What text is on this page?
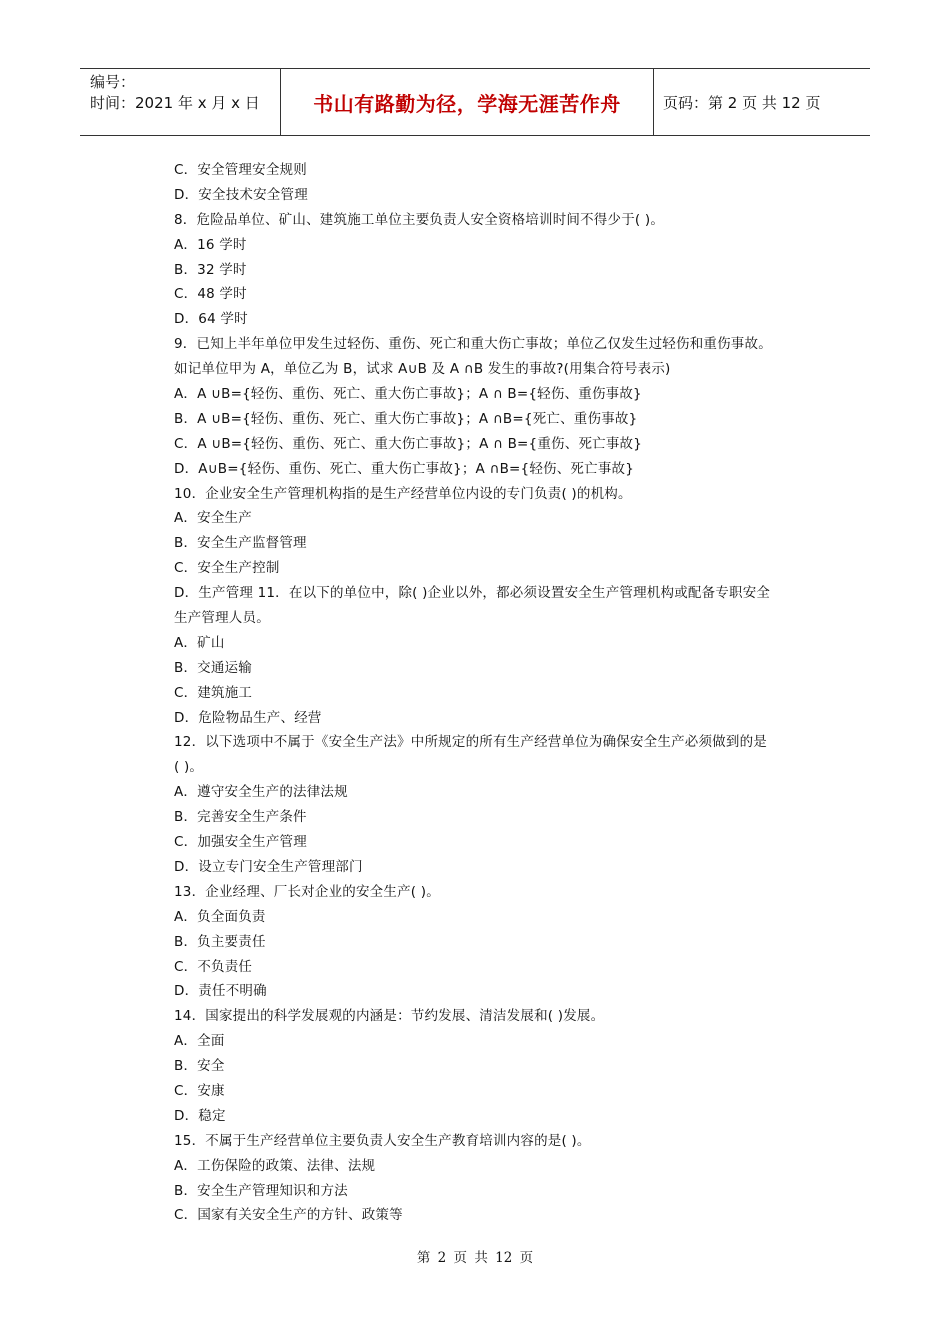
编号：
时间：2021 年 x 月 x 日	书山有路勤为径，学海无涯苦作舟	页码：第 2 页 共 12 页
C．安全管理安全规则
D．安全技术安全管理
8．危险品单位、矿山、建筑施工单位主要负责人安全资格培训时间不得少于( )。
A．16 学时
B．32 学时
C．48 学时
D．64 学时
9．已知上半年单位甲发生过轻伤、重伤、死亡和重大伤亡事故；单位乙仅发生过轻伤和重伤事故。
如记单位甲为 A，单位乙为 B，试求 A∪B 及 A ∩B 发生的事故?(用集合符号表示)
A．A ∪B={轻伤、重伤、死亡、重大伤亡事故}；A ∩ B={轻伤、重伤事故}
B．A ∪B={轻伤、重伤、死亡、重大伤亡事故}；A ∩B={死亡、重伤事故}
C．A ∪B={轻伤、重伤、死亡、重大伤亡事故}；A ∩ B={重伤、死亡事故}
D．A∪B={轻伤、重伤、死亡、重大伤亡事故}；A ∩B={轻伤、死亡事故}
10．企业安全生产管理机构指的是生产经营单位内设的专门负责( )的机构。
A．安全生产
B．安全生产监督管理
C．安全生产控制
D．生产管理 11．在以下的单位中，除( )企业以外，都必须设置安全生产管理机构或配备专职安全
生产管理人员。
A．矿山
B．交通运输
C．建筑施工
D．危险物品生产、经营
12．以下选项中不属于《安全生产法》中所规定的所有生产经营单位为确保安全生产必须做到的是
( )。
A．遵守安全生产的法律法规
B．完善安全生产条件
C．加强安全生产管理
D．设立专门安全生产管理部门
13．企业经理、厂长对企业的安全生产( )。
A．负全面负责
B．负主要责任
C．不负责任
D．责任不明确
14．国家提出的科学发展观的内涵是：节约发展、清洁发展和( )发展。
A．全面
B．安全
C．安康
D．稳定
15．不属于生产经营单位主要负责人安全生产教育培训内容的是( )。
A．工伤保险的政策、法律、法规
B．安全生产管理知识和方法
C．国家有关安全生产的方针、政策等
第 2 页 共 12 页
